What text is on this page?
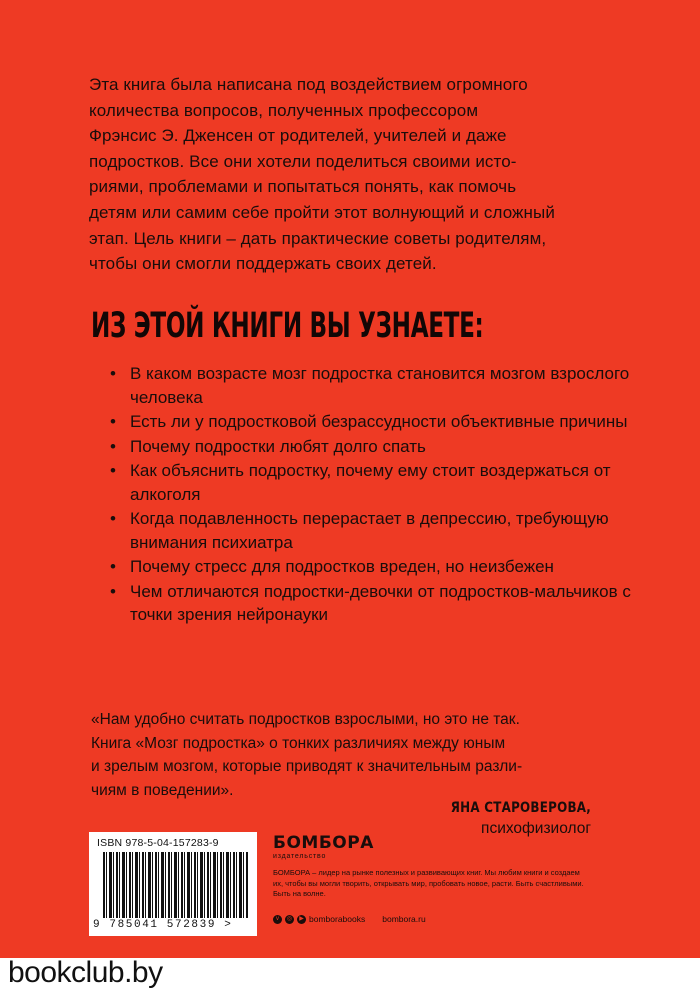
Эта книга была написана под воздействием огромного
количества вопросов, полученных профессором
Фрэнсис Э. Дженсен от родителей, учителей и даже
подростков. Все они хотели поделиться своими исто-
риями, проблемами и попытаться понять, как помочь
детям или самим себе пройти этот волнующий и сложный
этап. Цель книги – дать практические советы родителям,
чтобы они смогли поддержать своих детей.
ИЗ ЭТОЙ КНИГИ ВЫ УЗНАЕТЕ:
• В каком возрасте мозг подростка становится мозгом взрослого человека
• Есть ли у подростковой безрассудности объективные причины
• Почему подростки любят долго спать
• Как объяснить подростку, почему ему стоит воздержаться от алкоголя
• Когда подавленность перерастает в депрессию, требующую внимания психиатра
• Почему стресс для подростков вреден, но неизбежен
• Чем отличаются подростки-девочки от подростков-мальчиков с точки зрения нейронауки
«Нам удобно считать подростков взрослыми, но это не так.
Книга «Мозг подростка» о тонких различиях между юным
и зрелым мозгом, которые приводят к значительным разли-
чиям в поведении».
ЯНА СТАРОВЕРОВА,
психофизиолог
ISBN 978-5-04-157283-9
9 785041 572839 >
БОМБОРА
издательство
БОМБОРА – лидер на рынке полезных и развивающих книг. Мы любим книги и создаем их, чтобы вы могли творить, открывать мир, пробовать новое, расти. Быть счастливыми. Быть на волне.
v	◎	▶ bomborabooks bombora.ru
bookclub.by
